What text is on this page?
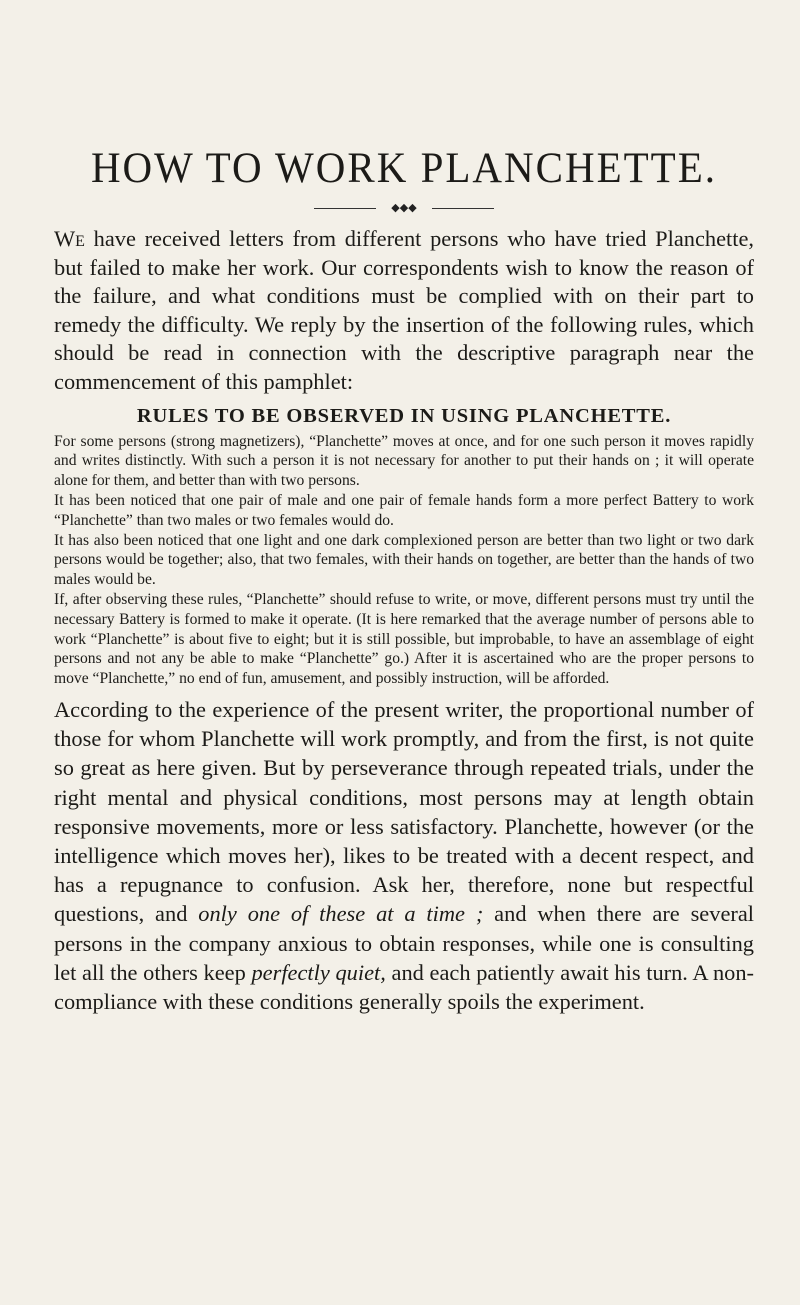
HOW TO WORK PLANCHETTE.
◆◆◆

We have received letters from different persons who have tried Planchette, but failed to make her work. Our correspondents wish to know the reason of the failure, and what conditions must be complied with on their part to remedy the difficulty. We reply by the insertion of the following rules, which should be read in connection with the descriptive paragraph near the commencement of this pamphlet:

RULES TO BE OBSERVED IN USING PLANCHETTE.

For some persons (strong magnetizers), “Planchette” moves at once, and for one such person it moves rapidly and writes distinctly. With such a person it is not necessary for another to put their hands on ; it will operate alone for them, and better than with two persons.

It has been noticed that one pair of male and one pair of female hands form a more perfect Battery to work “Planchette” than two males or two females would do.

It has also been noticed that one light and one dark complexioned person are better than two light or two dark persons would be together; also, that two females, with their hands on together, are better than the hands of two males would be.

If, after observing these rules, “Planchette” should refuse to write, or move, different persons must try until the necessary Battery is formed to make it operate. (It is here remarked that the average number of persons able to work “Planchette” is about five to eight; but it is still possible, but improbable, to have an assemblage of eight persons and not any be able to make “Planchette” go.) After it is ascertained who are the proper persons to move “Planchette,” no end of fun, amusement, and possibly instruction, will be afforded.

According to the experience of the present writer, the proportional number of those for whom Planchette will work promptly, and from the first, is not quite so great as here given. But by perseverance through repeated trials, under the right mental and physical conditions, most persons may at length obtain responsive movements, more or less satisfactory. Planchette, however (or the intelligence which moves her), likes to be treated with a decent respect, and has a repugnance to confusion. Ask her, therefore, none but respectful questions, and only one of these at a time ; and when there are several persons in the company anxious to obtain responses, while one is consulting let all the others keep perfectly quiet, and each patiently await his turn. A non-compliance with these conditions generally spoils the experiment.
